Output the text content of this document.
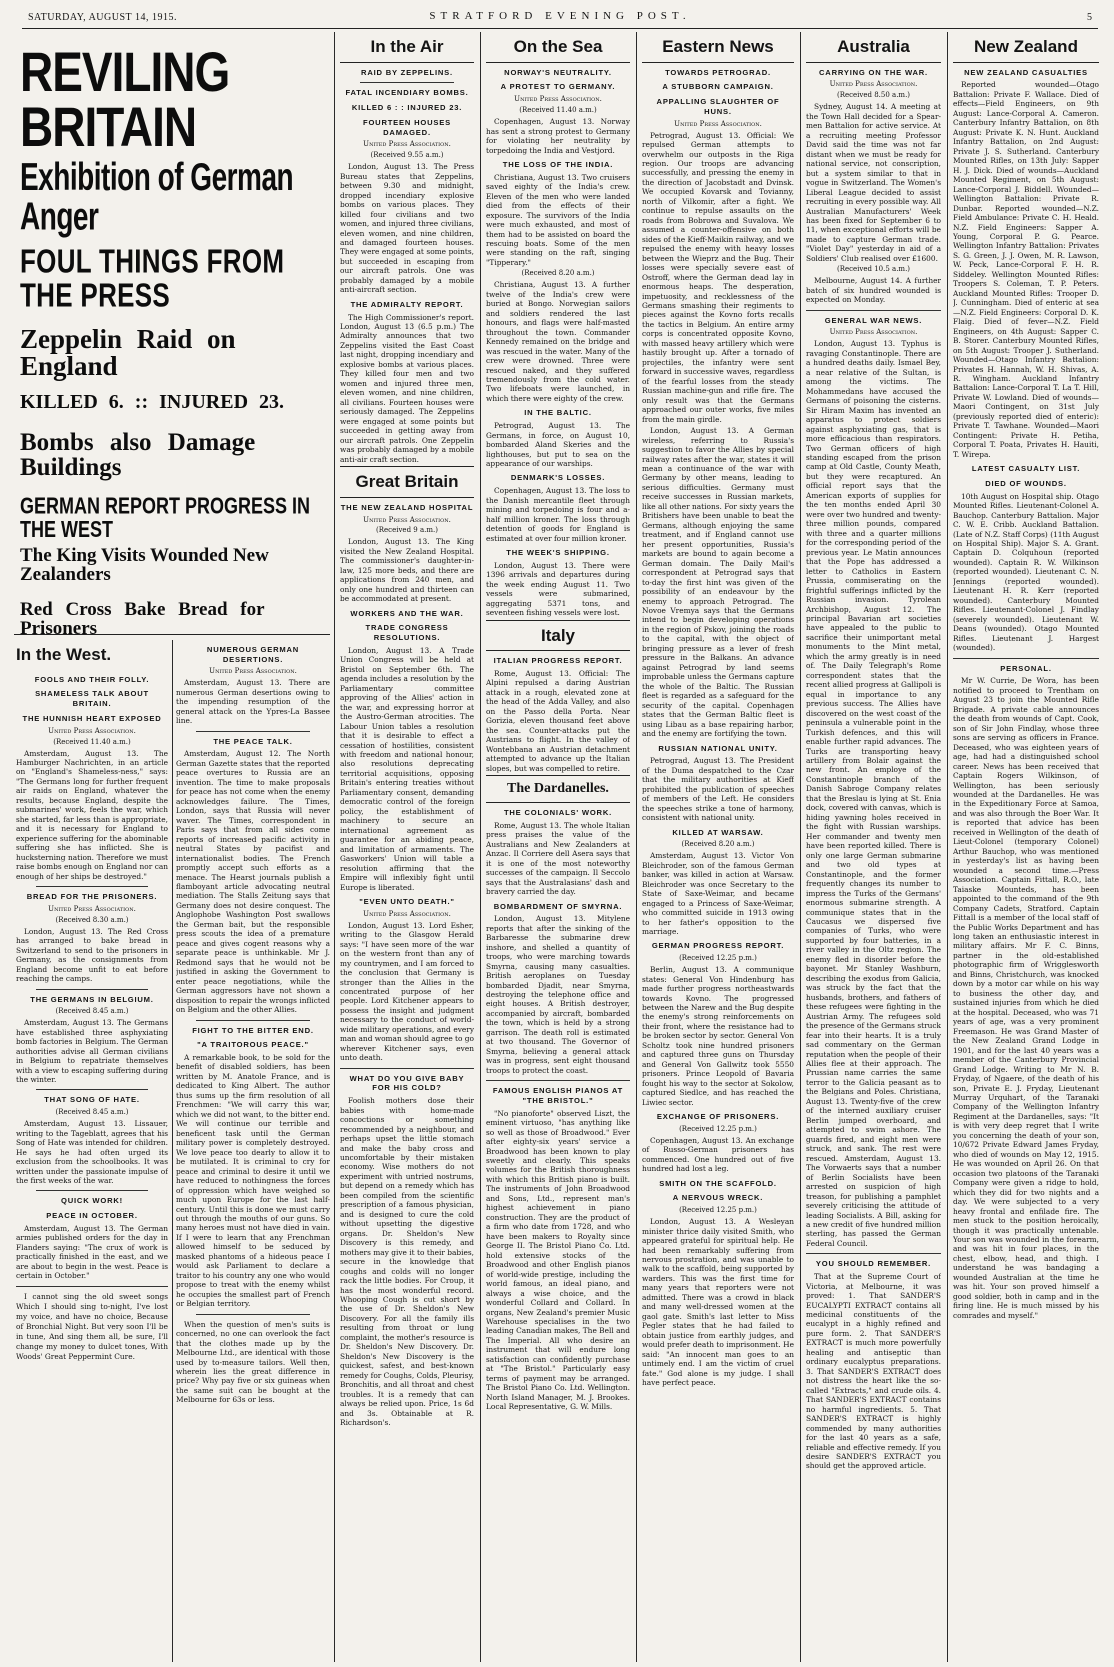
SATURDAY, AUGUST 14, 1915.	STRATFORD EVENING POST.	5
REVILING BRITAIN
Exhibition of German Anger
FOUL THINGS FROM THE PRESS
Zeppelin Raid on England
KILLED 6. :: INJURED 23.
Bombs also Damage Buildings
GERMAN REPORT PROGRESS IN THE WEST
The King Visits Wounded New Zealanders
Red Cross Bake Bread for Prisoners
In the West.
FOOLS AND THEIR FOLLY.
SHAMELESS TALK ABOUT BRITAIN.
THE HUNNISH HEART EXPOSED

United Press Association.

(Received 11.40 a.m.)

Amsterdam, August 13. The Hamburger Nachrichten, in an article on "England's Shameless-ness," says: "The Germans long for further frequent air raids on England, whatever the results, because England, despite the submarines' work, feels the war, which she started, far less than is appropriate, and it is necessary for England to experience suffering for the abominable suffering she has inflicted. She is hucksterning nation. Therefore we must raise bombs enough on England nor can enough of her ships be destroyed."

BREAD FOR THE PRISONERS.

United Press Association.

(Received 8.30 a.m.)

London, August 13. The Red Cross has arranged to bake bread in Switzerland to send to the prisoners in Germany, as the consignments from England become unfit to eat before reaching the camps.

THE GERMANS IN BELGIUM.

(Received 8.45 a.m.)

Amsterdam, August 13. The Germans have established three asphyxiating bomb factories in Belgium. The German authorities advise all German civilians in Belgium to repatriate themselves with a view to escaping suffering during the winter.

THAT SONG OF HATE.

(Received 8.45 a.m.)

Amsterdam, August 13. Lissauer, writing to the Tageblatt, agrees that his Song of Hate was intended for children. He says he had often urged its exclusion from the schoolbooks. It was written under the passionate impulse of the first weeks of the war.

QUICK WORK!
PEACE IN OCTOBER.

Amsterdam, August 13. The German armies published orders for the day in Flanders saying: "The crux of work is practically finished in the east, and we are about to begin in the west. Peace is certain in October."

I cannot sing the old sweet songs Which I should sing to-night, I've lost my voice, and have no choice, Because of Bronchial Night. But very soon I'll be in tune, And sing them all, be sure, I'll change my money to dulcet tones, With Woods' Great Peppermint Cure.

NUMEROUS GERMAN DESERTIONS.

United Press Association.

Amsterdam, August 13. There are numerous German desertions owing to the impending resumption of the general attack on the Ypres-La Bassee line.

THE PEACE TALK.

Amsterdam, August 12. The North German Gazette states that the reported peace overtures to Russia are an invention. The time to make proposals for peace has not come when the enemy acknowledges failure. The Times, London, says that Russia will never waver. The Times, correspondent in Paris says that from all sides come reports of increased pacific activity in neutral States by pacifist and internationalist bodies. The French promptly accept such efforts as a menace. The Hearst journals publish a flamboyant article advocating neutral mediation. The Stalls Zeitung says that Germany does not desire conquest. The Anglophobe Washington Post swallows the German bait, but the responsible press scouts the idea of a premature peace and gives cogent reasons why a separate peace is unthinkable. Mr J. Redmond says that he would not be justified in asking the Government to enter peace negotiations, while the German aggressors have not shown a disposition to repair the wrongs inflicted on Belgium and the other Allies.

FIGHT TO THE BITTER END.
"A TRAITOROUS PEACE."

A remarkable book, to be sold for the benefit of disabled soldiers, has been written by M. Anatole France, and is dedicated to King Albert. The author thus sums up the firm resolution of all Frenchmen: "We will carry this war, which we did not want, to the bitter end. We will continue our terrible and beneficent task until the German military power is completely destroyed. We love peace too dearly to allow it to be mutilated. It is criminal to cry for peace and criminal to desire it until we have reduced to nothingness the forces of oppression which have weighed so much upon Europe for the last half-century. Until this is done we must carry out through the mouths of our guns. So many heroes must not have died in vain. If I were to learn that any Frenchman allowed himself to be seduced by masked phantoms of a hideous peace I would ask Parliament to declare a traitor to his country any one who would propose to treat with the enemy whilst he occupies the smallest part of French or Belgian territory.

When the question of men's suits is concerned, no one can overlook the fact that the clothes made up by the Melbourne Ltd., are identical with those used by to-measure tailors. Well then, wherein lies the great difference in price? Why pay five or six guineas when the same suit can be bought at the Melbourne for 63s or less.

In the Air
RAID BY ZEPPELINS.
FATAL INCENDIARY BOMBS.
KILLED 6 : : INJURED 23.
FOURTEEN HOUSES DAMAGED.

United Press Association.

(Received 9.55 a.m.)

London, August 13. The Press Bureau states that Zeppelins, between 9.30 and midnight, dropped incendiary explosive bombs on various places. They killed four civilians and two women, and injured three civilians, eleven women, and nine children, and damaged fourteen houses. They were engaged at some points, but succeeded in escaping from our aircraft patrols. One was probably damaged by a mobile anti-aircraft section.

THE ADMIRALTY REPORT.

The High Commissioner's report. London, August 13 (6.5 p.m.) The Admiralty announces that two Zeppelins visited the East Coast last night, dropping incendiary and explosive bombs at various places. They killed four men and two women and injured three men, eleven women, and nine children, all civilians. Fourteen houses were seriously damaged. The Zeppelins were engaged at some points but succeeded in getting away from our aircraft patrols. One Zeppelin was probably damaged by a mobile anti-air craft section.

Great Britain
THE NEW ZEALAND HOSPITAL

United Press Association.

(Received 9 a.m.)

London, August 13. The King visited the New Zealand Hospital. The commissioner's daughter-in-law, 125 more beds, and there are applications from 240 men, and only one hundred and thirteen can be accommodated at present.

WORKERS AND THE WAR.
TRADE CONGRESS RESOLUTIONS.

London, August 13. A Trade Union Congress will be held at Bristol on September 6th. The agenda includes a resolution by the Parliamentary committee approving of the Allies' action in the war, and expressing horror at the Austro-German atrocities. The Labour Union tables a resolution that it is desirable to effect a cessation of hostilities, consistent with freedom and national honour, also resolutions deprecating territorial acquisitions, opposing Britain's entering treaties without Parliamentary consent, demanding democratic control of the foreign policy, the establishment of machinery to secure an international agreement as guarantee for an abiding peace, and limitation of armaments. The Gasworkers' Union will table a resolution affirming that the Empire will inflexibly fight until Europe is liberated.

"EVEN UNTO DEATH."

United Press Association.

London, August 13. Lord Esher, writing to the Glasgow Herald says: "I have seen more of the war on the western front than any of my countrymen, and I am forced to the conclusion that Germany is stronger than the Allies in the concentrated purpose of her people. Lord Kitchener appears to possess the insight and judgment necessary to the conduct of world-wide military operations, and every man and woman should agree to go wherever Kitchener says, even unto death.

WHAT DO YOU GIVE BABY FOR HIS COLD?

Foolish mothers dose their babies with home-made concoctions or something recommended by a neighbour, and perhaps upset the little stomach and make the baby cross and uncomfortable by their mistaken economy. Wise mothers do not experiment with untried nostrums, but depend on a remedy which has been compiled from the scientific prescription of a famous physician, and is designed to cure the cold without upsetting the digestive organs. Dr. Sheldon's New Discovery is this remedy, and mothers may give it to their babies, secure in the knowledge that coughs and colds will no longer rack the little bodies. For Croup, it has the most wonderful record. Whooping Cough is cut short by the use of Dr. Sheldon's New Discovery. For all the family ills resulting from throat or lung complaint, the mother's resource is Dr. Sheldon's New Discovery. Dr. Sheldon's New Discovery is the quickest, safest, and best-known remedy for Coughs, Colds, Pleurisy, Bronchitis, and all throat and chest troubles. It is a remedy that can always be relied upon. Price, 1s 6d and 3s. Obtainable at R. Richardson's.

On the Sea
NORWAY'S NEUTRALITY.
A PROTEST TO GERMANY.

United Press Association.

(Received 11.40 a.m.)

Copenhagen, August 13. Norway has sent a strong protest to Germany for violating her neutrality by torpedoing the India and Vestjord.

THE LOSS OF THE INDIA.

Christiana, August 13. Two cruisers saved eighty of the India's crew. Eleven of the men who were landed died from the effects of their exposure. The survivors of the India were much exhausted, and most of them had to be assisted on board the rescuing boats. Some of the men were standing on the raft, singing "Tipperary."

(Received 8.20 a.m.)

Christiana, August 13. A further twelve of the India's crew were buried at Bongo. Norwegian sailors and soldiers rendered the last honours, and flags were half-masted throughout the town. Commander Kennedy remained on the bridge and was rescued in the water. Many of the crew were drowned. Three were rescued naked, and they suffered tremendously from the cold water. Two lifeboats were launched, in which there were eighty of the crew.

IN THE BALTIC.

Petrograd, August 13. The Germans, in force, on August 10, bombarded Aland Skeries and the lighthouses, but put to sea on the appearance of our warships.

DENMARK'S LOSSES.

Copenhagen, August 13. The loss to the Danish mercantile fleet through mining and torpedoing is four and a-half million kroner. The loss through detention of goods for England is estimated at over four million kroner.

THE WEEK'S SHIPPING.

London, August 13. There were 1396 arrivals and departures during the week ending August 11. Two vessels were submarined, aggregating 5371 tons, and seventeen fishing vessels were lost.

Italy
ITALIAN PROGRESS REPORT.

Rome, August 13. Official: The Alpini repulsed a daring Austrian attack in a rough, elevated zone at the head of the Adda Valley, and also on the Passo della Porta. Near Gorizia, eleven thousand feet above the sea. Counter-attacks put the Austrians to flight. In the valley of Wontebbana an Austrian detachment attempted to advance up the Italian slopes, but was compelled to retire.

The Dardanelles.
THE COLONIALS' WORK.

Rome, August 13. The whole Italian press praises the value of the Australians and New Zealanders at Anzac. Il Corriere dell Asera says that it is one of the most noteworthy successes of the campaign. Il Seccolo says that the Australasians' dash and bravery carried the day.

BOMBARDMENT OF SMYRNA.

London, August 13. Mitylene reports that after the sinking of the Barbaresse the submarine drew inshore, and shelled a quantity of troops, who were marching towards Smyrna, causing many casualties. British aeroplanes on Tuesday bombarded Djadit, near Smyrna, destroying the telephone office and eight houses. A British destroyer, accompanied by aircraft, bombarded the town, which is held by a strong garrison. The death roll is estimated at two thousand. The Governor of Smyrna, believing a general attack was in progress, sent eight thousand troops to protect the coast.

FAMOUS ENGLISH PIANOS AT "THE BRISTOL."

"No pianoforte" observed Liszt, the eminent virtuoso, "has anything like so well as those of Broadwood." Ever after eighty-six years' service a Broadwood has been known to play sweetly and clearly. This speaks volumes for the British thoroughness with which this British piano is built. The instruments of John Broadwood and Sons, Ltd., represent man's highest achievement in piano construction. They are the product of a firm who date from 1728, and who have been makers to Royalty since George II. The Bristol Piano Co. Ltd. hold extensive stocks of the Broadwood and other English pianos of world-wide prestige, including the world famous, an ideal piano, and always a wise choice, and the wonderful Collard and Collard. In organs, New Zealand's premier Music Warehouse specialises in the two leading Canadian makes, The Bell and The Imperial. All who desire an instrument that will endure long satisfaction can confidently purchase at "The Bristol." Particularly easy terms of payment may be arranged. The Bristol Piano Co. Ltd. Wellington. North Island Manager, M. J. Brookes. Local Representative, G. W. Mills.

Eastern News
TOWARDS PETROGRAD.
A STUBBORN CAMPAIGN.
APPALLING SLAUGHTER OF HUNS.

United Press Association.

Petrograd, August 13. Official: We repulsed German attempts to overwhelm our outposts in the Riga region. Our troops are advancing successfully, and pressing the enemy in the direction of Jacobstadt and Dvinsk. We occupied Kovarsk and Tovianny, north of Vilkomir, after a fight. We continue to repulse assaults on the roads from Bobrowa and Suvalova. We assumed a counter-offensive on both sides of the Kieff-Maikin railway, and we repulsed the enemy with heavy losses between the Wieprz and the Bug. Their losses were specially severe east of Ostroff, where the German dead lay in enormous heaps. The desperation, impetuosity, and recklessness of the Germans smashing their regiments to pieces against the Kovno forts recalls the tactics in Belgium. An entire army corps is concentrated opposite Kovno, with massed heavy artillery which were hastily brought up. After a tornado of projectiles, the infantry were sent forward in successive waves, regardless of the fearful losses from the steady Russian machine-gun and rifle fire. The only result was that the Germans approached our outer works, five miles from the main girdle.

London, August 13. A German wireless, referring to Russia's suggestion to favor the Allies by special railway rates after the war, states it will mean a continuance of the war with Germany by other means, leading to serious difficulties. Germany must receive successes in Russian markets, like all other nations. For sixty years the Britishers have been unable to beat the Germans, although enjoying the same treatment, and if England cannot use her present opportunities, Russia's markets are bound to again become a German domain. The Daily Mail's correspondent at Petrograd says that to-day the first hint was given of the possibility of an endeavour by the enemy to approach Petrograd. The Novoe Vremya says that the Germans intend to begin developing operations in the region of Pskov, joining the roads to the capital, with the object of bringing pressure as a lever of fresh pressure in the Balkans. An advance against Petrograd by land seems improbable unless the Germans capture the whole of the Baltic. The Russian fleet is regarded as a safeguard for the security of the capital. Copenhagen states that the German Baltic fleet is using Libau as a base repairing harbor, and the enemy are fortifying the town.

RUSSIAN NATIONAL UNITY.

Petrograd, August 13. The President of the Duma despatched to the Czar that the military authorities at Kieff prohibited the publication of speeches of members of the Left. He considers the speeches strike a tone of harmony, consistent with national unity.

KILLED AT WARSAW.

(Received 8.20 a.m.)

Amsterdam, August 13. Victor Von Bleichroder, son of the famous German banker, was killed in action at Warsaw. Bleichroder was once Secretary to the State of Saxe-Weimar, and became engaged to a Princess of Saxe-Weimar, who committed suicide in 1913 owing to her father's opposition to the marriage.

GERMAN PROGRESS REPORT.

(Received 12.25 p.m.)

Berlin, August 13. A communique states: General Von Hindenburg has made further progress northeastwards towards Kovno. The progressed between the Narew and the Bug despite the enemy's strong reinforcements on their front, where the resistance had to be broken sector by sector. General Von Scholtz took nine hundred prisoners and captured three guns on Thursday and General Von Gallwitz took 5550 prisoners. Prince Leopold of Bavaria fought his way to the sector at Sokolow, captured Siedlce, and has reached the Liwiec sector.

EXCHANGE OF PRISONERS.

(Received 12.25 p.m.)

Copenhagen, August 13. An exchange of Russo-German prisoners has commenced. One hundred out of five hundred had lost a leg.

SMITH ON THE SCAFFOLD.
A NERVOUS WRECK.

(Received 12.25 p.m.)

London, August 13. A Wesleyan minister thrice daily visited Smith, who appeared grateful for spiritual help. He had been remarkably suffering from nervous prostration, and was unable to walk to the scaffold, being supported by warders. This was the first time for many years that reporters were not admitted. There was a crowd in black and many well-dressed women at the gaol gate. Smith's last letter to Miss Pegler states that he had failed to obtain justice from earthly judges, and would prefer death to imprisonment. He said: "An innocent man goes to an untimely end. I am the victim of cruel fate." God alone is my judge. I shall have perfect peace.

Australia
CARRYING ON THE WAR.

United Press Association.

(Received 8.50 a.m.)

Sydney, August 14. A meeting at the Town Hall decided for a Spear-men Battalion for active service. At a recruiting meeting Professor David said the time was not far distant when we must be ready for national service, not conscription, but a system similar to that in vogue in Switzerland. The Women's Liberal League decided to assist recruiting in every possible way. All Australian Manufacturers' Week has been fixed for September 6 to 11, when exceptional efforts will be made to capture German trade. "Violet Day" yesterday in aid of a Soldiers' Club realised over £1600.

(Received 10.5 a.m.)

Melbourne, August 14. A further batch of six hundred wounded is expected on Monday.

GENERAL WAR NEWS.

United Press Association.

London, August 13. Typhus is ravaging Constantinople. There are a hundred deaths daily. Ismael Bey, a near relative of the Sultan, is among the victims. The Mohammedans have accused the Germans of poisoning the cisterns. Sir Hiram Maxim has invented an apparatus to protect soldiers against asphyxiating gas, that is more efficacious than respirators. Two German officers of high standing escaped from the prison camp at Old Castle, County Meath, but they were recaptured. An official report says that the American exports of supplies for the ten months ended April 30 were over two hundred and twenty-three million pounds, compared with three and a quarter millions for the corresponding period of the previous year. Le Matin announces that the Pope has addressed a letter to Catholics in Eastern Prussia, commiserating on the frightful sufferings inflicted by the Russian invasion. Tyrolean Archbishop, August 12. The principal Bavarian art societies have appealed to the public to sacrifice their unimportant metal monuments to the Mint metal, which the army greatly is in need of. The Daily Telegraph's Rome correspondent states that the recent allied progress at Gallipoli is equal in importance to any previous success. The Allies have discovered on the west coast of the peninsula a vulnerable point in the Turkish defences, and this will enable further rapid advances. The Turks are transporting heavy artillery from Bolair against the new front. An employe of the Constantinople branch of the Danish Sabroge Company relates that the Breslau is lying at St. Enia dock, covered with canvas, which is hiding yawning holes received in the fight with Russian warships. Her commander and twenty men have been reported killed. There is only one large German submarine and two old types at Constantinople, and the former frequently changes its number to impress the Turks of the Germans' enormous submarine strength. A communique states that in the Caucasus we dispersed five companies of Turks, who were supported by four batteries, in a river valley in the Oltz region. The enemy fled in disorder before the bayonet. Mr Stanley Washburn, describing the exodus from Galicia, was struck by the fact that the husbands, brothers, and fathers of these refugees were fighting in the Austrian Army. The refugees sold the presence of the Germans struck fear into their hearts. It is a truly sad commentary on the German reputation when the people of their Allies flee at their approach. The Prussian name carries the same terror to the Galicia peasant as to the Belgians and Poles. Christiana, August 13. Twenty-five of the crew of the interned auxiliary cruiser Berlin jumped overboard, and attempted to swim ashore. The guards fired, and eight men were struck, and sank. The rest were rescued. Amsterdam, August 13. The Vorwaerts says that a number of Berlin Socialists have been arrested on suspicion of high treason, for publishing a pamphlet severely criticising the attitude of leading Socialists. A Bill, asking for a new credit of five hundred million sterling, has passed the German Federal Council.

YOU SHOULD REMEMBER.

That at the Supreme Court of Victoria, at Melbourne, it was proved: 1. That SANDER'S EUCALYPTI EXTRACT contains all medicinal constituents of the eucalypt in a highly refined and pure form. 2. That SANDER'S EXTRACT is much more powerfully healing and antiseptic than ordinary eucalyptus preparations. 3. That SANDER'S EXTRACT does not distress the heart like the so-called "Extracts," and crude oils. 4. That SANDER'S EXTRACT contains no harmful ingredients. 5. That SANDER'S EXTRACT is highly commended by many authorities for the last 40 years as a safe, reliable and effective remedy. If you desire SANDER'S EXTRACT you should get the approved article.

New Zealand
NEW ZEALAND CASUALTIES

Reported wounded—Otago Battalion: Private F. Wallace. Died of effects—Field Engineers, on 9th August: Lance-Corporal A. Cameron. Canterbury Infantry Battalion, on 8th August: Private K. N. Hunt. Auckland Infantry Battalion, on 2nd August: Private J. S. Sutherland. Canterbury Mounted Rifles, on 13th July: Sapper H. J. Dick. Died of wounds—Auckland Mounted Regiment, on 5th August: Lance-Corporal J. Biddell. Wounded—Wellington Battalion: Private R. Dunbar. Reported wounded—N.Z. Field Ambulance: Private C. H. Heald. N.Z. Field Engineers: Sapper A. Young, Corporal P. G. Pearce. Wellington Infantry Battalion: Privates S. G. Green, J. J. Owen, M. R. Lawson, W. Peck, Lance-Corporal F. H. R. Siddeley. Wellington Mounted Rifles: Troopers S. Coleman, T. P. Peters. Auckland Mounted Rifles: Trooper D. J. Cunningham. Died of enteric at sea—N.Z. Field Engineers: Corporal D. K. Flaig. Died of fever—N.Z. Field Engineers, on 4th August: Sapper C. B. Storer. Canterbury Mounted Rifles, on 5th August: Trooper J. Sutherland. Wounded—Otago Infantry Battalion: Privates H. Hannah, W. H. Shivas, A. R. Wingham. Auckland Infantry Battalion: Lance-Corporal T. La T. Hill, Private W. Lowland. Died of wounds—Maori Contingent, on 31st July (previously reported died of enteric): Private T. Tawhane. Wounded—Maori Contingent: Private H. Petiha, Corporal T. Poata, Privates H. Hauiti, T. Wirepa.

LATEST CASUALTY LIST.
DIED OF WOUNDS.

10th August on Hospital ship. Otago Mounted Rifles. Lieutenant-Colonel A. Bauchop. Canterbury Battalion. Major C. W. E. Cribb. Auckland Battalion. (Late of N.Z. Staff Corps) (11th August on Hospital Ship). Major S. A. Grant. Captain D. Colquhoun (reported wounded). Captain R. W. Wilkinson (reported wounded). Lieutenant C. N. Jennings (reported wounded). Lieutenant H. R. Kerr (reported wounded). Canterbury Mounted Rifles. Lieutenant-Colonel J. Findlay (severely wounded). Lieutenant W. Deans (wounded). Otago Mounted Rifles. Lieutenant J. Hargest (wounded).

PERSONAL.

Mr W. Currie, De Wora, has been notified to proceed to Trentham on August 23 to join the Mounted Rifle Brigade. A private cable announces the death from wounds of Capt. Cook, son of Sir John Findlay, whose three sons are serving as officers in France. Deceased, who was eighteen years of age, had had a distinguished school career. News has been received that Captain Rogers Wilkinson, of Wellington, has been seriously wounded at the Dardanelles. He was in the Expeditionary Force at Samoa, and was also through the Boer War. It is reported that advice has been received in Wellington of the death of Lieut-Colonel (temporary Colonel) Arthur Bauchop, who was mentioned in yesterday's list as having been wounded a second time.—Press Association. Captain Fittall, R.O., late Taiaske Mounteds, has been appointed to the command of the 9th Company Cadets, Stratford. Captain Fittall is a member of the local staff of the Public Works Department and has long taken an enthusiastic interest in military affairs. Mr F. C. Binns, partner in the old-established photographic firm of Wrigglesworth and Binns, Christchurch, was knocked down by a motor car while on his way to business the other day, and sustained injuries from which he died at the hospital. Deceased, who was 71 years of age, was a very prominent Freemason. He was Grand Master of the New Zealand Grand Lodge in 1901, and for the last 40 years was a member of the Canterbury Provincial Grand Lodge. Writing to Mr N. B. Fryday, of Ngaere, of the death of his son, Private E. J. Fryday, Lieutenant Murray Urquhart, of the Taranaki Company of the Wellington Infantry Regiment at the Dardanelles, says: "It is with very deep regret that I write you concerning the death of your son, 10/672 Private Edward James Fryday, who died of wounds on May 12, 1915. He was wounded on April 26. On that occasion two platoons of the Taranaki Company were given a ridge to hold, which they did for two nights and a day. We were subjected to a very heavy frontal and enfilade fire. The men stuck to the position heroically, though it was practically untenable. Your son was wounded in the forearm, and was hit in four places, in the chest, elbow, head, and thigh. I understand he was bandaging a wounded Australian at the time he was hit. Your son proved himself a good soldier, both in camp and in the firing line. He is much missed by his comrades and myself."
